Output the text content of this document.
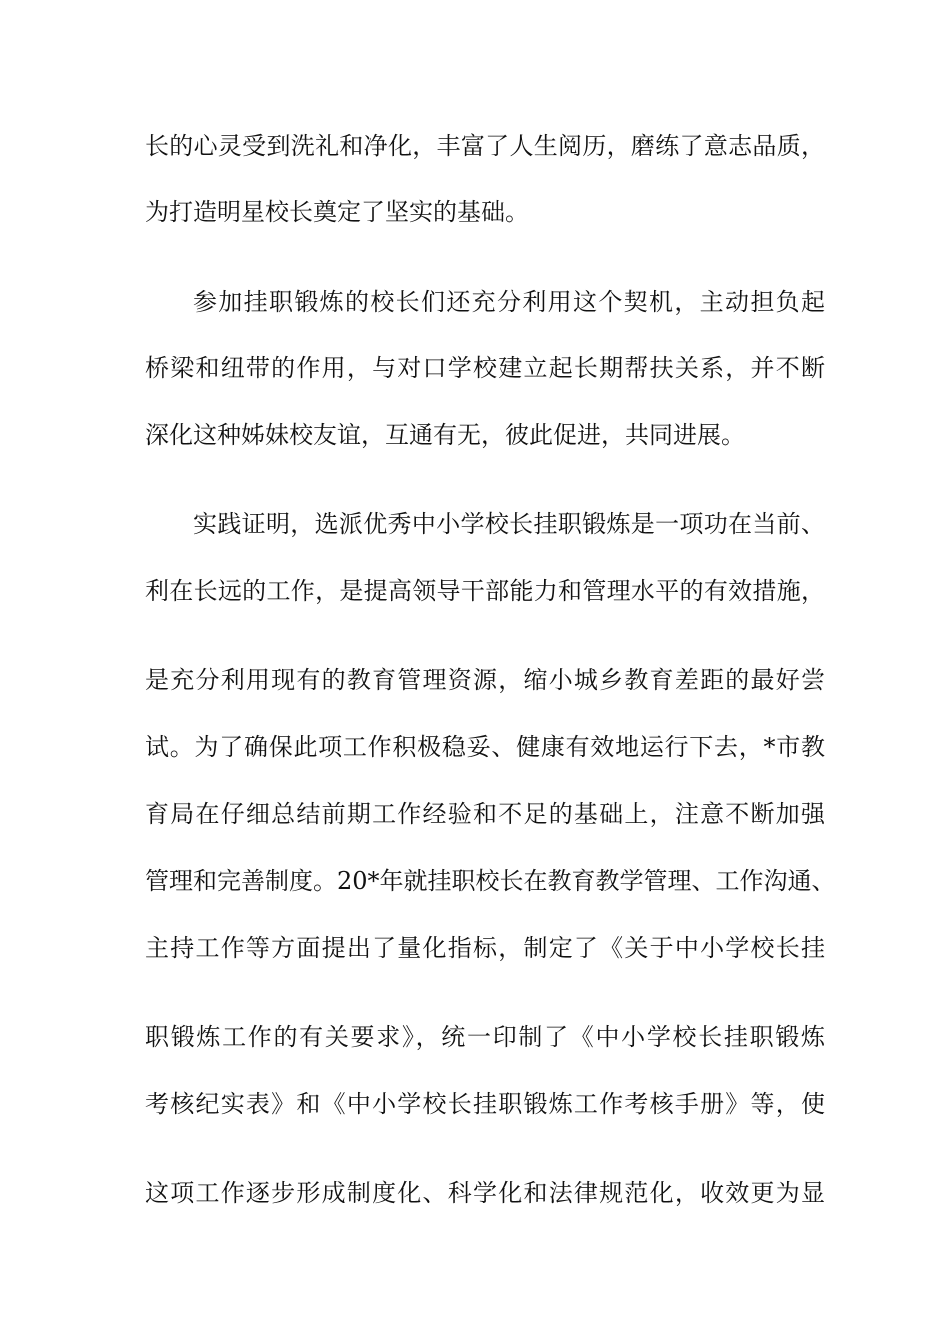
长的心灵受到洗礼和净化，丰富了人生阅历，磨练了意志品质，
为打造明星校长奠定了坚实的基础。
参加挂职锻炼的校长们还充分利用这个契机，主动担负起
桥梁和纽带的作用，与对口学校建立起长期帮扶关系，并不断
深化这种姊妹校友谊，互通有无，彼此促进，共同进展。
实践证明，选派优秀中小学校长挂职锻炼是一项功在当前、
利在长远的工作，是提高领导干部能力和管理水平的有效措施，
是充分利用现有的教育管理资源，缩小城乡教育差距的最好尝
试。为了确保此项工作积极稳妥、健康有效地运行下去，*市教
育局在仔细总结前期工作经验和不足的基础上，注意不断加强
管理和完善制度。20*年就挂职校长在教育教学管理、工作沟通、
主持工作等方面提出了量化指标，制定了《关于中小学校长挂
职锻炼工作的有关要求》，统一印制了《中小学校长挂职锻炼
考核纪实表》和《中小学校长挂职锻炼工作考核手册》等，使
这项工作逐步形成制度化、科学化和法律规范化，收效更为显
